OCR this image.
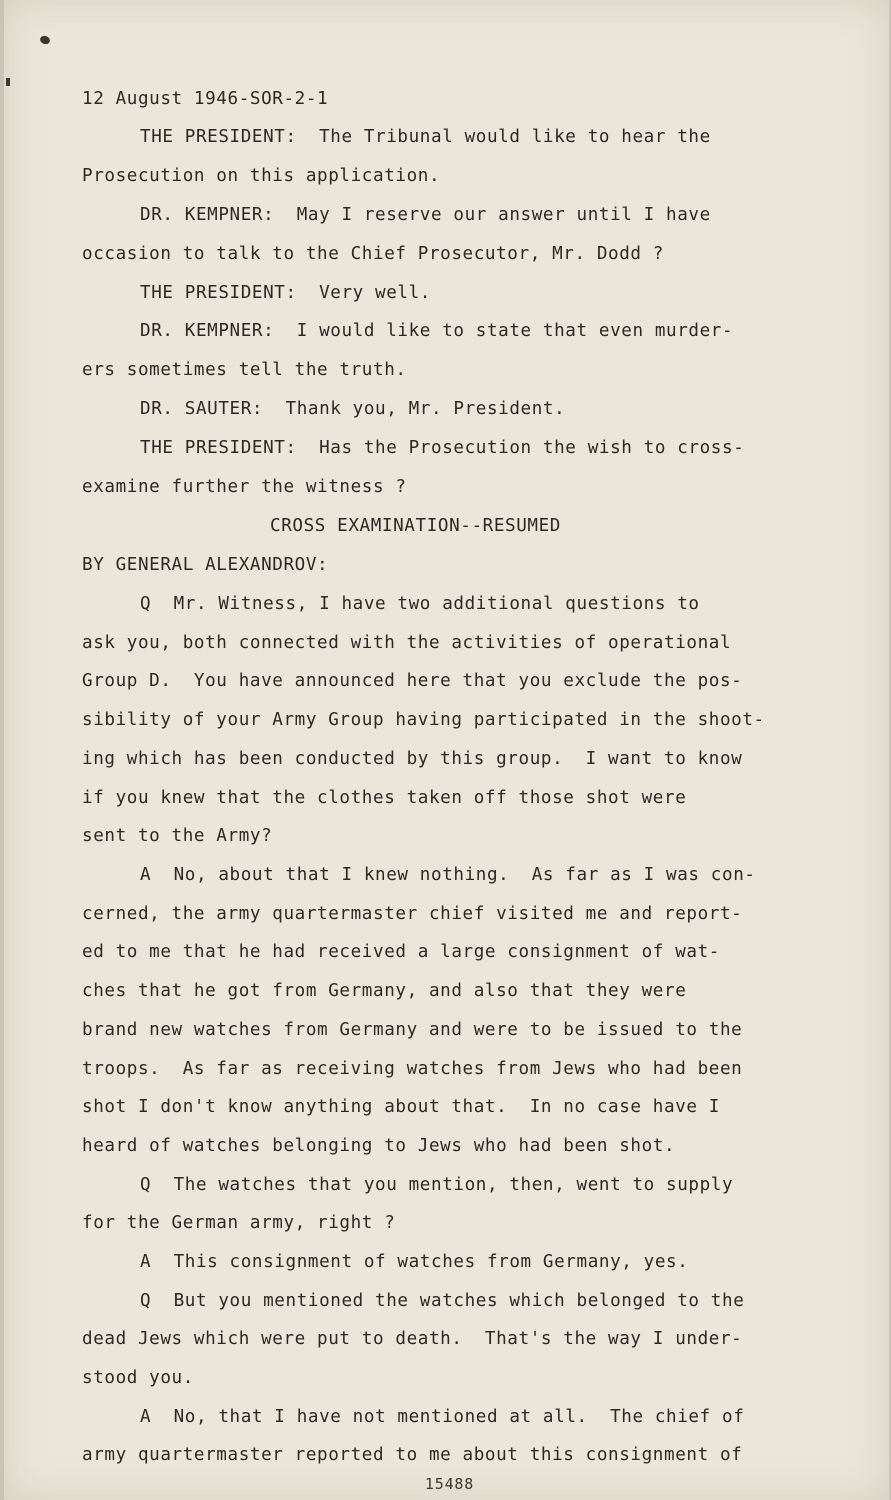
12 August 1946-SOR-2-1
THE PRESIDENT:  The Tribunal would like to hear the
Prosecution on this application.
DR. KEMPNER:  May I reserve our answer until I have
occasion to talk to the Chief Prosecutor, Mr. Dodd ?
THE PRESIDENT:  Very well.
DR. KEMPNER:  I would like to state that even murder-
ers sometimes tell the truth.
DR. SAUTER:  Thank you, Mr. President.
THE PRESIDENT:  Has the Prosecution the wish to cross-
examine further the witness ?
CROSS EXAMINATION--RESUMED
BY GENERAL ALEXANDROV:
Q  Mr. Witness, I have two additional questions to
ask you, both connected with the activities of operational
Group D.  You have announced here that you exclude the pos-
sibility of your Army Group having participated in the shoot-
ing which has been conducted by this group.  I want to know
if you knew that the clothes taken off those shot were
sent to the Army?
A  No, about that I knew nothing.  As far as I was con-
cerned, the army quartermaster chief visited me and report-
ed to me that he had received a large consignment of wat-
ches that he got from Germany, and also that they were
brand new watches from Germany and were to be issued to the
troops.  As far as receiving watches from Jews who had been
shot I don't know anything about that.  In no case have I
heard of watches belonging to Jews who had been shot.
Q  The watches that you mention, then, went to supply
for the German army, right ?
A  This consignment of watches from Germany, yes.
Q  But you mentioned the watches which belonged to the
dead Jews which were put to death.  That's the way I under-
stood you.
A  No, that I have not mentioned at all.  The chief of
army quartermaster reported to me about this consignment of
15488
